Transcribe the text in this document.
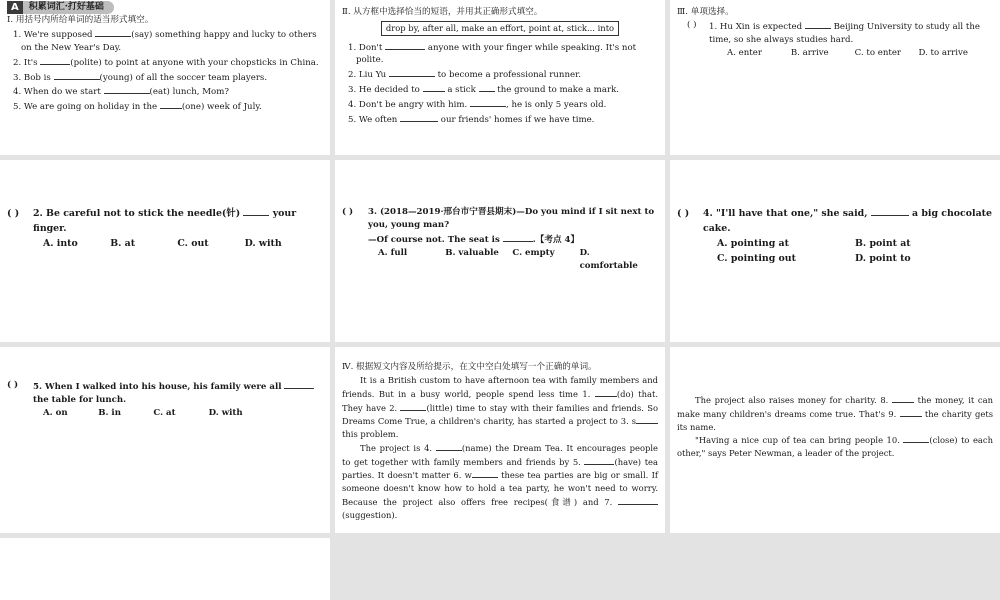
A	积累词汇·打好基础
Ⅰ. 用括号内所给单词的适当形式填空。
1. We're supposed	(say) something happy and lucky to others on the New Year's Day.
2. It's	(polite) to point at anyone with your chopsticks in China.
3. Bob is	(young) of all the soccer team players.
4. When do we start	(eat) lunch, Mom?
5. We are going on holiday in the	(one) week of July.
Ⅱ. 从方框中选择恰当的短语，并用其正确形式填空。
drop by, after all, make an effort, point at, stick... into
1. Don't	anyone with your finger while speaking. It's not polite.
2. Liu Yu	to become a professional runner.
3. He decided to	a stick the ground to make a mark.
4. Don't be angry with him.	, he is only 5 years old.
5. We often	our friends' homes if we have time.
Ⅲ. 单项选择。
( )	1. Hu Xin is expected	Beijing University to study all the time, so she always studies hard.
A. enter	B. arrive	C. to enter	D. to arrive
( )	2. Be careful not to stick the needle(针)	your finger.
A. into	B. at	C. out	D. with
( )	3. (2018—2019·邢台市宁晋县期末)—Do you mind if I sit next to you, young man?
—Of course not. The seat is	.【考点 4】
A. full	B. valuable	C. empty	D. comfortable
( )	4. "I'll have that one," she said,	a big chocolate cake.
A. pointing at	B. point at
C. pointing out	D. point to
( )	5. When I walked into his house, his family were all  the table for lunch.
A. on	B. in	C. at	D. with
Ⅳ. 根据短文内容及所给提示，在文中空白处填写一个正确的单词。
It is a British custom to have afternoon tea with family members and friends. But in a busy world, people spend less time 1.	(do) that. They have 2.	(little) time to stay with their families and friends. So Dreams Come True, a children's charity, has started a project to 3. s this problem.
The project is 4.	(name) the Dream Tea. It encourages people to get together with family members and friends by 5.	(have) tea parties. It doesn't matter 6. w	these tea parties are big or small. If someone doesn't know how to hold a tea party, he won't need to worry. Because the project also offers free recipes(食谱) and 7. (suggestion).
The project also raises money for charity. 8.	the money, it can make many children's dreams come true. That's 9.	the charity gets its name.
"Having a nice cup of tea can bring people 10.	(close) to each other," says Peter Newman, a leader of the project.
